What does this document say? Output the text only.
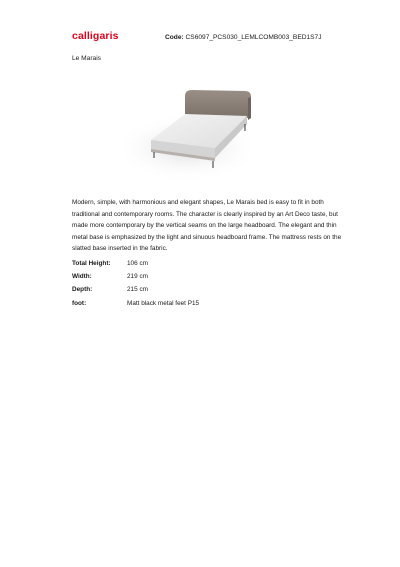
calligaris	Code: CS6097_PCS030_LEMLCOMB003_BED1S7J
Le Marais

Modern, simple, with harmonious and elegant shapes, Le Marais bed is easy to fit in both traditional and contemporary rooms. The character is clearly inspired by an Art Deco taste, but made more contemporary by the vertical seams on the large headboard. The elegant and thin metal base is emphasized by the light and sinuous headboard frame. The mattress rests on the slatted base inserted in the fabric.

Total Height:	106 cm
Width:	219 cm
Depth:	215 cm
foot:	Matt black metal feet P15
